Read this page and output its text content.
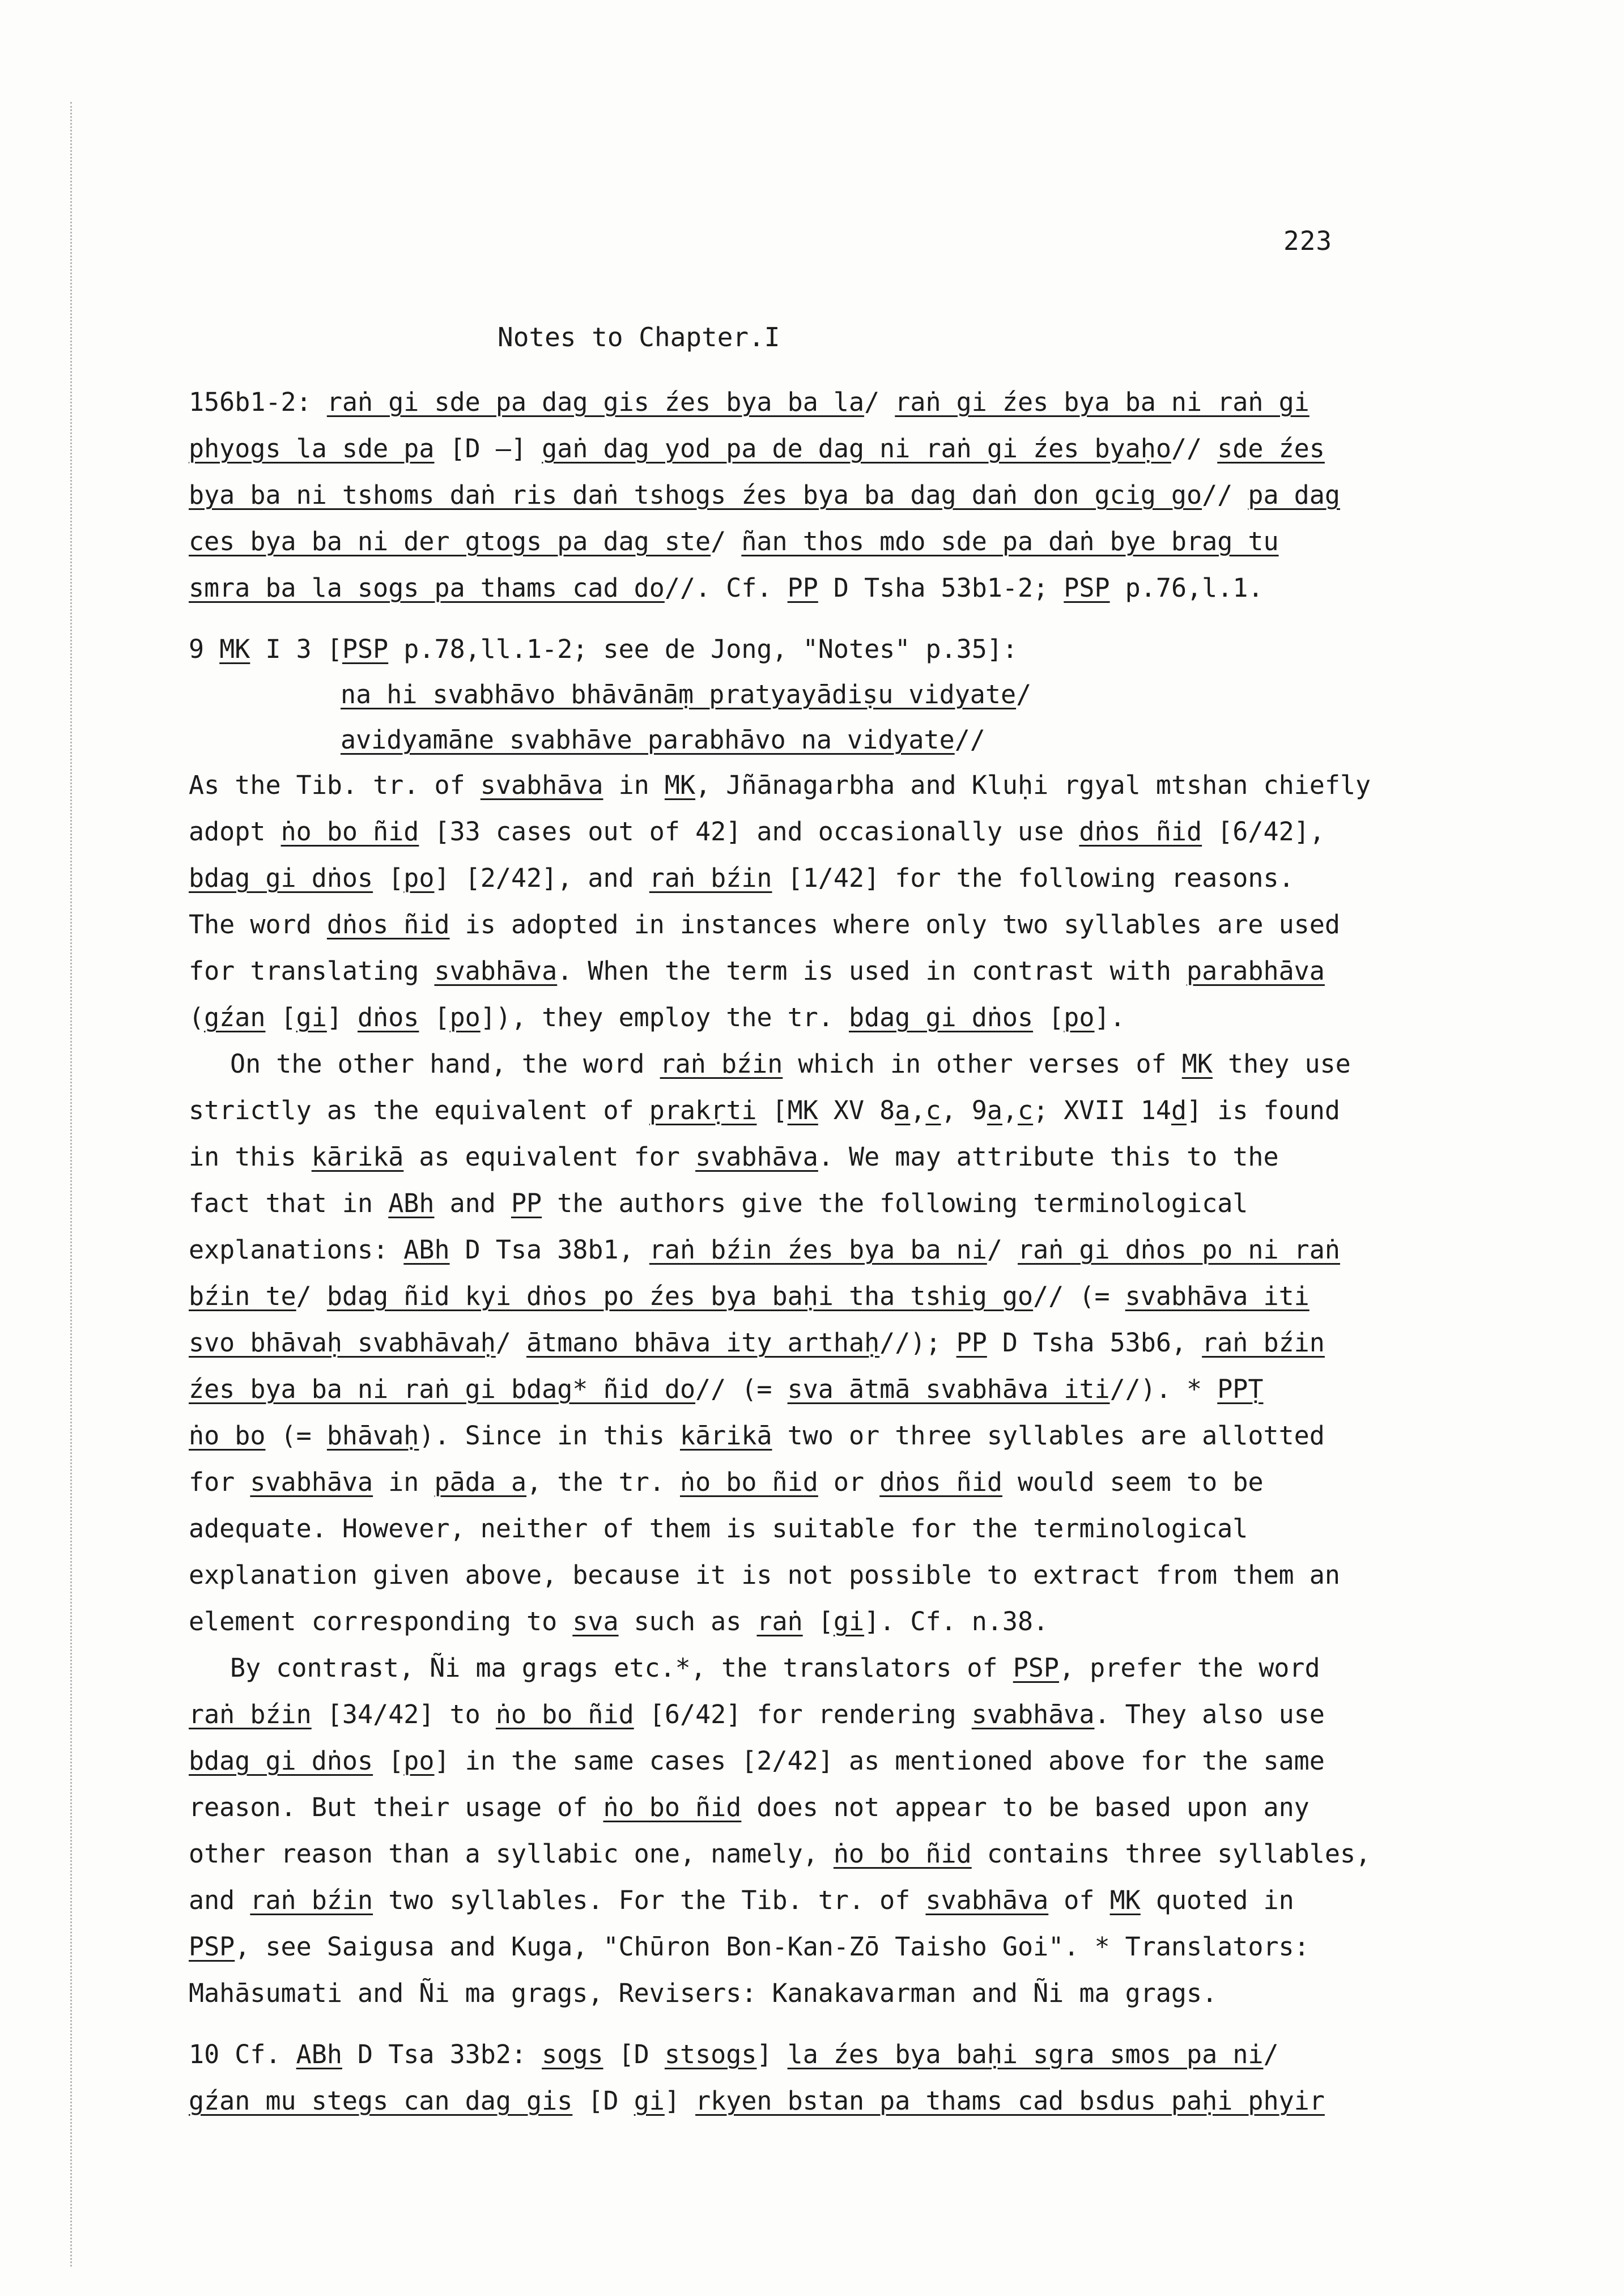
223
Notes to Chapter.I
156b1-2: raṅ gi sde pa dag gis źes bya ba la/ raṅ gi źes bya ba ni raṅ gi
phyogs la sde pa [D —] gaṅ dag yod pa de dag ni raṅ gi źes byaḥo// sde źes
bya ba ni tshoms daṅ ris daṅ tshogs źes bya ba dag daṅ don gcig go// pa dag
ces bya ba ni der gtogs pa dag ste/ ñan thos mdo sde pa daṅ bye brag tu
smra ba la sogs pa thams cad do//. Cf. PP D Tsha 53b1-2; PSP p.76,l.1.
9 MK I 3 [PSP p.78,ll.1-2; see de Jong, "Notes" p.35]:
na hi svabhāvo bhāvānāṃ pratyayādiṣu vidyate/
avidyamāne svabhāve parabhāvo na vidyate//
As the Tib. tr. of svabhāva in MK, Jñānagarbha and Kluḥi rgyal mtshan chiefly
adopt ṅo bo ñid [33 cases out of 42] and occasionally use dṅos ñid [6/42],
bdag gi dṅos [po] [2/42], and raṅ bźin [1/42] for the following reasons.
The word dṅos ñid is adopted in instances where only two syllables are used
for translating svabhāva. When the term is used in contrast with parabhāva
(gźan [gi] dṅos [po]), they employ the tr. bdag gi dṅos [po].
On the other hand, the word raṅ bźin which in other verses of MK they use
strictly as the equivalent of prakṛti [MK XV 8a,c, 9a,c; XVII 14d] is found
in this kārikā as equivalent for svabhāva. We may attribute this to the
fact that in ABh and PP the authors give the following terminological
explanations: ABh D Tsa 38b1, raṅ bźin źes bya ba ni/ raṅ gi dṅos po ni raṅ
bźin te/ bdag ñid kyi dṅos po źes bya baḥi tha tshig go// (= svabhāva iti
svo bhāvaḥ svabhāvaḥ/ ātmano bhāva ity arthaḥ//); PP D Tsha 53b6, raṅ bźin
źes bya ba ni raṅ gi bdag* ñid do// (= sva ātmā svabhāva iti//). * PPṬ
ṅo bo (= bhāvaḥ). Since in this kārikā two or three syllables are allotted
for svabhāva in pāda a, the tr. ṅo bo ñid or dṅos ñid would seem to be
adequate. However, neither of them is suitable for the terminological
explanation given above, because it is not possible to extract from them an
element corresponding to sva such as raṅ [gi]. Cf. n.38.
By contrast, Ñi ma grags etc.*, the translators of PSP, prefer the word
raṅ bźin [34/42] to ṅo bo ñid [6/42] for rendering svabhāva. They also use
bdag gi dṅos [po] in the same cases [2/42] as mentioned above for the same
reason. But their usage of ṅo bo ñid does not appear to be based upon any
other reason than a syllabic one, namely, ṅo bo ñid contains three syllables,
and raṅ bźin two syllables. For the Tib. tr. of svabhāva of MK quoted in
PSP, see Saigusa and Kuga, "Chūron Bon-Kan-Zō Taisho Goi". * Translators:
Mahāsumati and Ñi ma grags, Revisers: Kanakavarman and Ñi ma grags.
10 Cf. ABh D Tsa 33b2: sogs [D stsogs] la źes bya baḥi sgra smos pa ni/
gźan mu stegs can dag gis [D gi] rkyen bstan pa thams cad bsdus paḥi phyir
